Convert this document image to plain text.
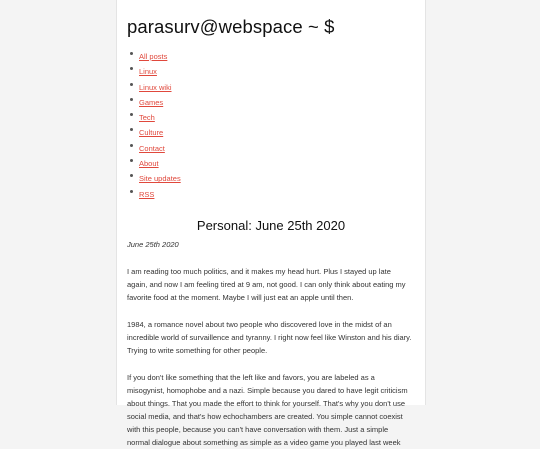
parasurv@webspace ~ $
All posts
Linux
Linux wiki
Games
Tech
Culture
Contact
About
Site updates
RSS
Personal: June 25th 2020
June 25th 2020

I am reading too much politics, and it makes my head hurt. Plus I stayed up late
again, and now I am feeling tired at 9 am, not good. I can only think about eating my
favorite food at the moment. Maybe I will just eat an apple until then.

1984, a romance novel about two people who discovered love in the midst of an
incredible world of survaillence and tyranny. I right now feel like Winston and his diary.
Trying to write something for other people.

If you don't like something that the left like and favors, you are labeled as a
misogynist, homophobe and a nazi. Simple because you dared to have legit criticism
about things. That you made the effort to think for yourself. That's why you don't use
social media, and that's how echochambers are created. You simple cannot coexist
with this people, because you can't have conversation with them. Just a simple
normal dialogue about something as simple as a video game you played last week
